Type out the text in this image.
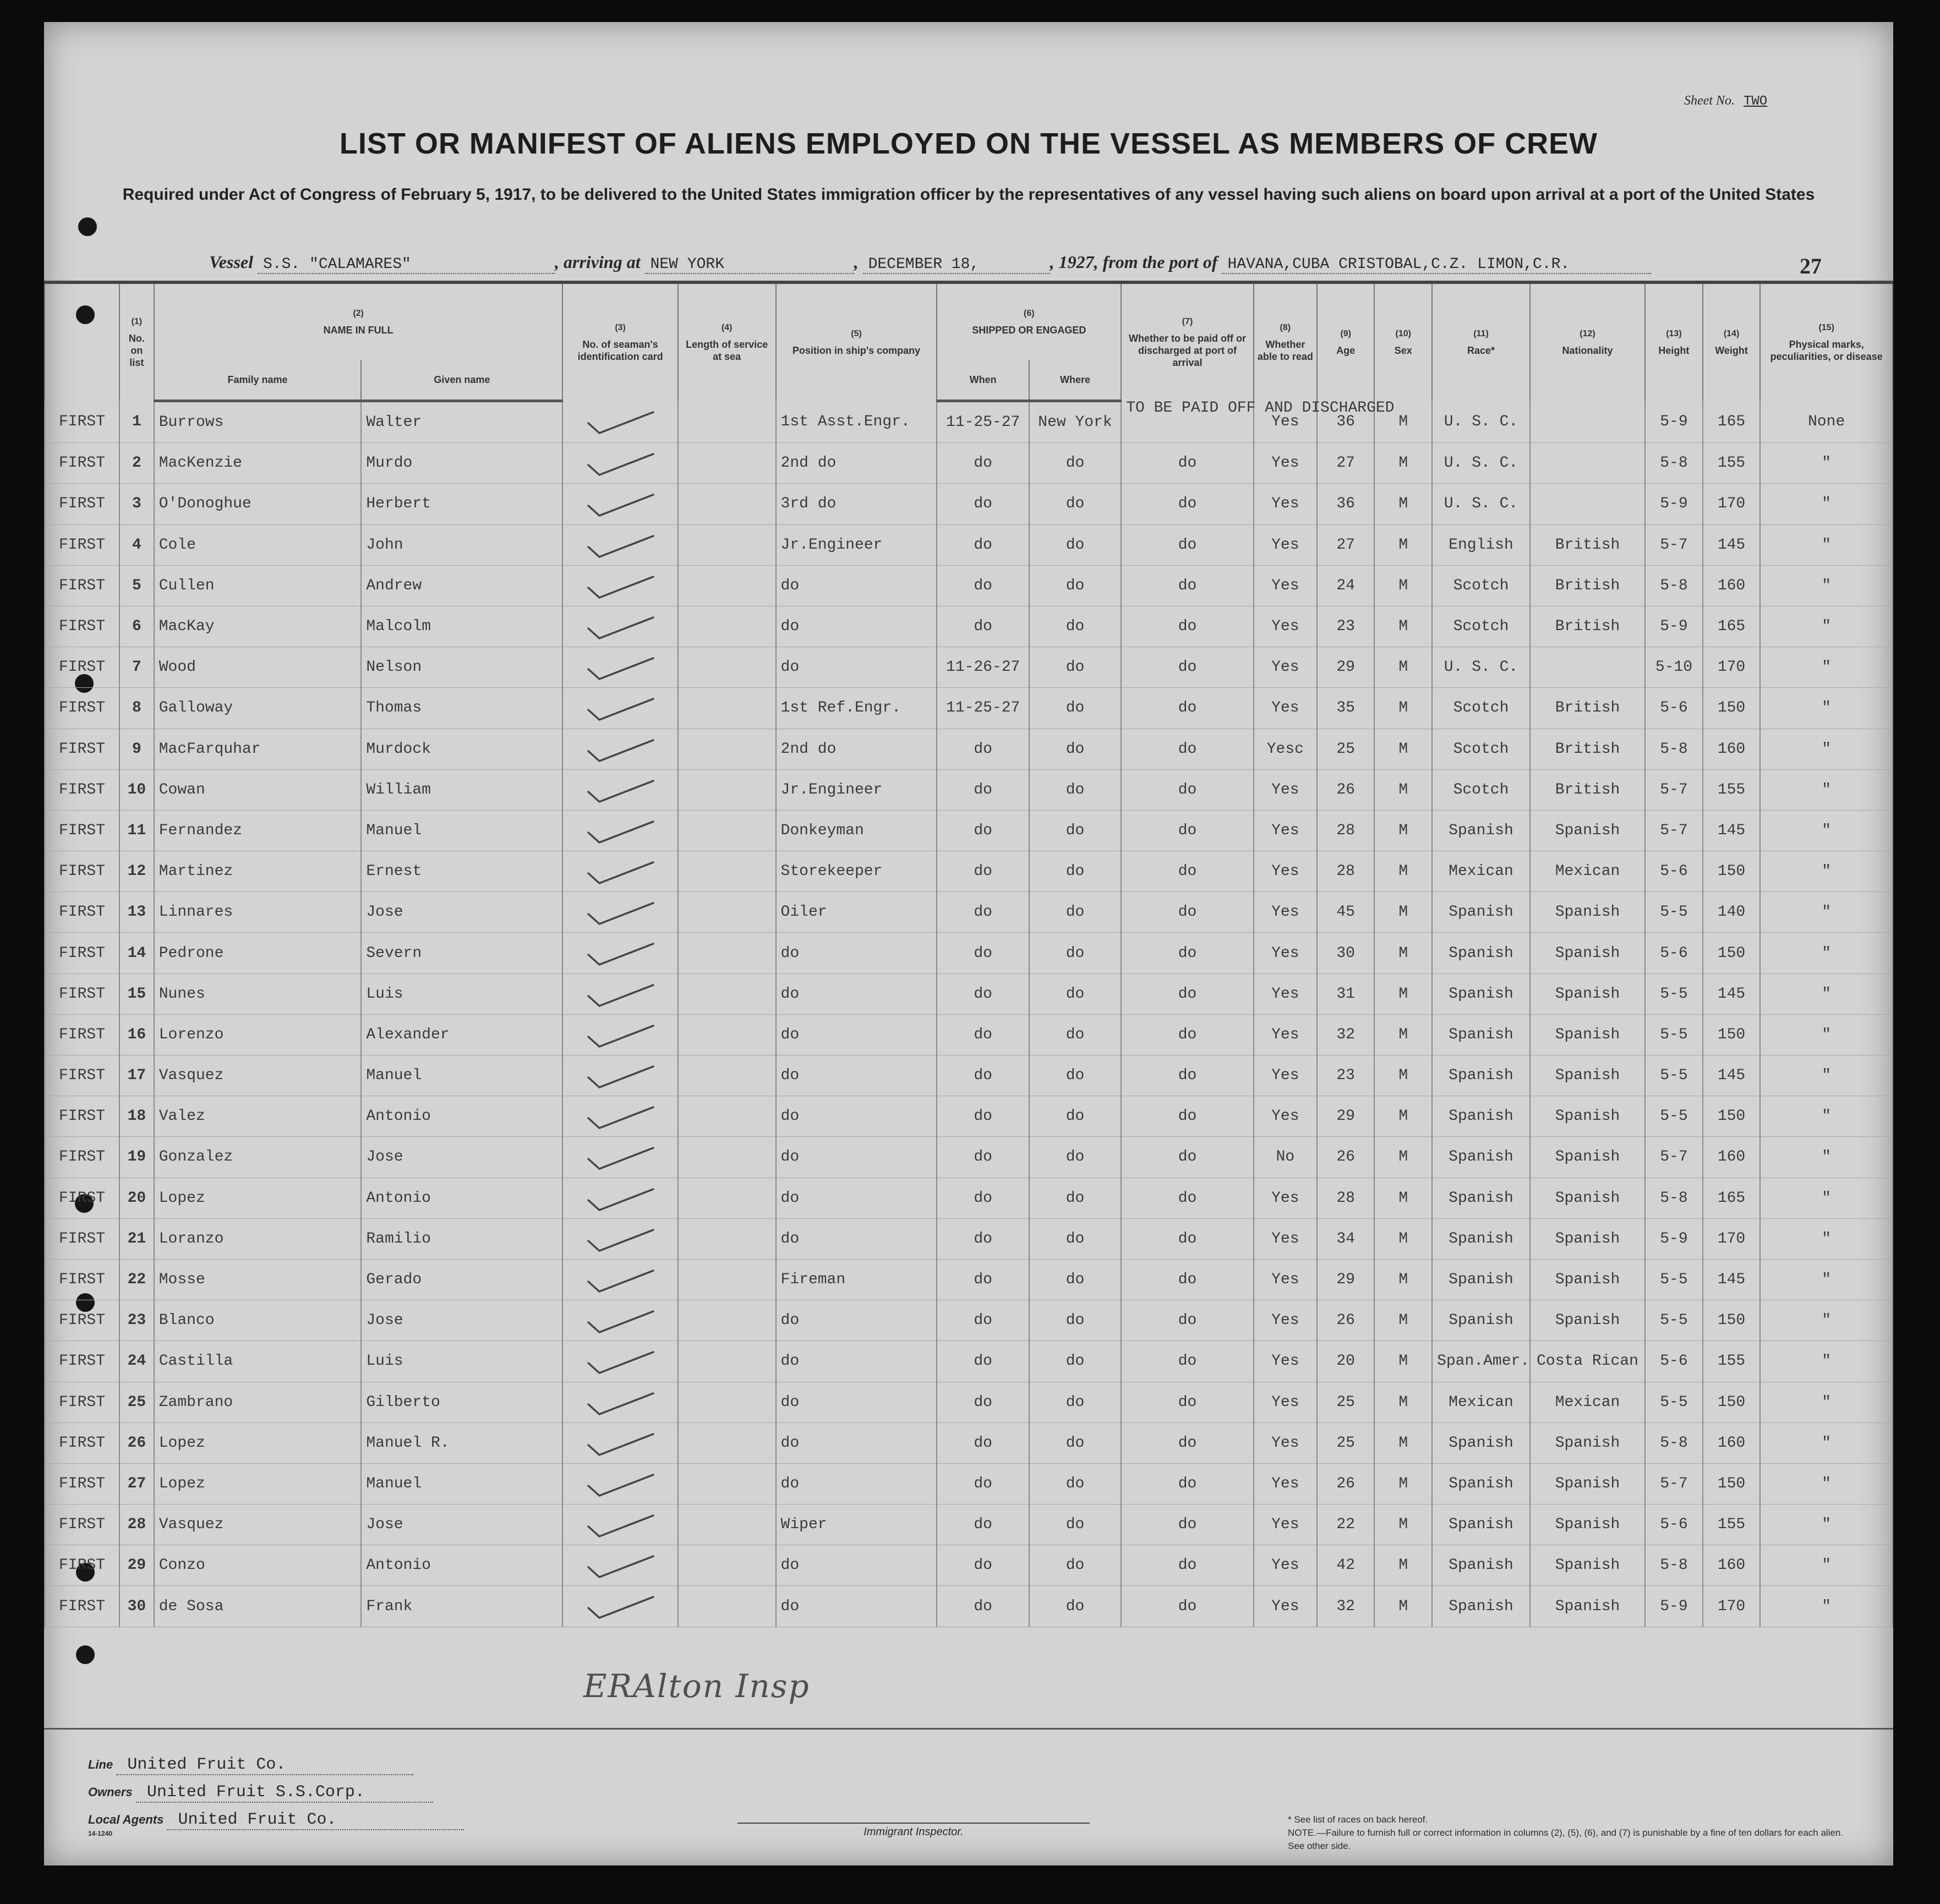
Sheet No. TWO
LIST OR MANIFEST OF ALIENS EMPLOYED ON THE VESSEL AS MEMBERS OF CREW
Required under Act of Congress of February 5, 1917, to be delivered to the United States immigration officer by the representatives of any vessel having such aliens on board upon arrival at a port of the United States
Vessel S.S. "CALAMARES"	, arriving at NEW YORK	, DECEMBER 18,	, 1927, from the port of HAVANA,CUBA CRISTOBAL,C.Z. LIMON,C.R.	27

	(1)
No. on list	(2)
NAME IN FULL		(3)
No. of seaman's identification card	(4)
Length of service at sea	(5)
Position in ship's company	(6)
SHIPPED OR ENGAGED		(7)
Whether to be paid off or discharged at port of arrival	(8)
Whether able to read	(9)
Age	(10)
Sex	(11)
Race*	(12)
Nationality	(13)
Height	(14)
Weight	(15)
Physical marks, peculiarities, or disease
		Family name	Given name				When	Where									
FIRST	1	Burrows	Walter			1st Asst.Engr.	11-25-27	New York	TO BE PAID OFF AND DISCHARGED	Yes	36	M	U. S. C.		5-9	165	None
FIRST	2	MacKenzie	Murdo			2nd do	do	do	do	Yes	27	M	U. S. C.		5-8	155	"
FIRST	3	O'Donoghue	Herbert			3rd do	do	do	do	Yes	36	M	U. S. C.		5-9	170	"
FIRST	4	Cole	John			Jr.Engineer	do	do	do	Yes	27	M	English	British	5-7	145	"
FIRST	5	Cullen	Andrew			do	do	do	do	Yes	24	M	Scotch	British	5-8	160	"
FIRST	6	MacKay	Malcolm			do	do	do	do	Yes	23	M	Scotch	British	5-9	165	"
FIRST	7	Wood	Nelson			do	11-26-27	do	do	Yes	29	M	U. S. C.		5-10	170	"
FIRST	8	Galloway	Thomas			1st Ref.Engr.	11-25-27	do	do	Yes	35	M	Scotch	British	5-6	150	"
FIRST	9	MacFarquhar	Murdock			2nd do	do	do	do	Yesc	25	M	Scotch	British	5-8	160	"
FIRST	10	Cowan	William			Jr.Engineer	do	do	do	Yes	26	M	Scotch	British	5-7	155	"
FIRST	11	Fernandez	Manuel			Donkeyman	do	do	do	Yes	28	M	Spanish	Spanish	5-7	145	"
FIRST	12	Martinez	Ernest			Storekeeper	do	do	do	Yes	28	M	Mexican	Mexican	5-6	150	"
FIRST	13	Linnares	Jose			Oiler	do	do	do	Yes	45	M	Spanish	Spanish	5-5	140	"
FIRST	14	Pedrone	Severn			do	do	do	do	Yes	30	M	Spanish	Spanish	5-6	150	"
FIRST	15	Nunes	Luis			do	do	do	do	Yes	31	M	Spanish	Spanish	5-5	145	"
FIRST	16	Lorenzo	Alexander			do	do	do	do	Yes	32	M	Spanish	Spanish	5-5	150	"
FIRST	17	Vasquez	Manuel			do	do	do	do	Yes	23	M	Spanish	Spanish	5-5	145	"
FIRST	18	Valez	Antonio			do	do	do	do	Yes	29	M	Spanish	Spanish	5-5	150	"
FIRST	19	Gonzalez	Jose			do	do	do	do	No	26	M	Spanish	Spanish	5-7	160	"
FIRST	20	Lopez	Antonio			do	do	do	do	Yes	28	M	Spanish	Spanish	5-8	165	"
FIRST	21	Loranzo	Ramilio			do	do	do	do	Yes	34	M	Spanish	Spanish	5-9	170	"
FIRST	22	Mosse	Gerado			Fireman	do	do	do	Yes	29	M	Spanish	Spanish	5-5	145	"
FIRST	23	Blanco	Jose			do	do	do	do	Yes	26	M	Spanish	Spanish	5-5	150	"
FIRST	24	Castilla	Luis			do	do	do	do	Yes	20	M	Span.Amer.	Costa Rican	5-6	155	"
FIRST	25	Zambrano	Gilberto			do	do	do	do	Yes	25	M	Mexican	Mexican	5-5	150	"
FIRST	26	Lopez	Manuel R.			do	do	do	do	Yes	25	M	Spanish	Spanish	5-8	160	"
FIRST	27	Lopez	Manuel			do	do	do	do	Yes	26	M	Spanish	Spanish	5-7	150	"
FIRST	28	Vasquez	Jose			Wiper	do	do	do	Yes	22	M	Spanish	Spanish	5-6	155	"
FIRST	29	Conzo	Antonio			do	do	do	do	Yes	42	M	Spanish	Spanish	5-8	160	"
FIRST	30	de Sosa	Frank			do	do	do	do	Yes	32	M	Spanish	Spanish	5-9	170	"
ERAlton Insp
Line United Fruit Co.
Owners United Fruit S.S.Corp.
Local Agents United Fruit Co.
14-1240	Immigrant Inspector.
* See list of races on back hereof.
NOTE.—Failure to furnish full or correct information in columns (2), (5), (6), and (7) is punishable by a fine of ten dollars for each alien. See other side.
